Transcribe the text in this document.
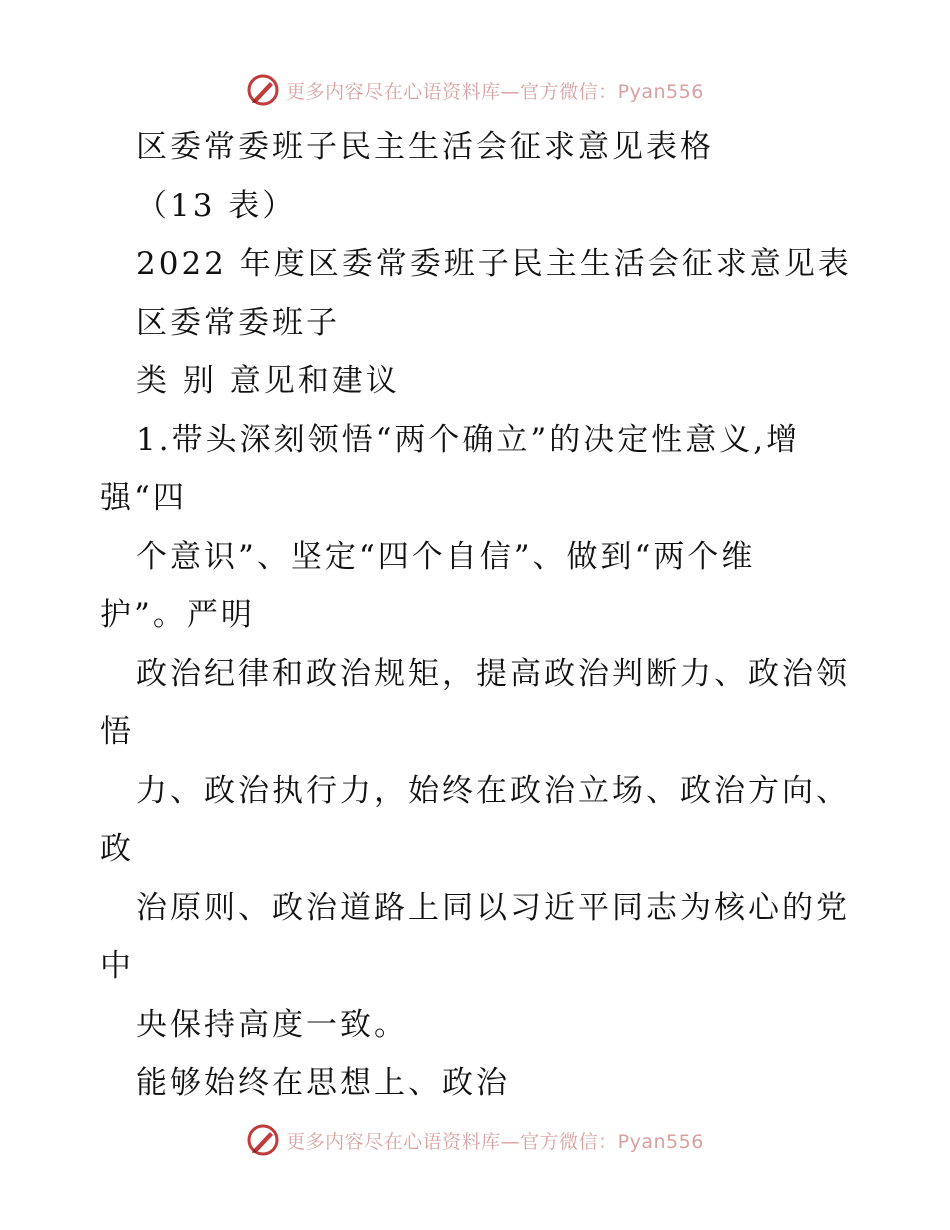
更多内容尽在心语资料库—官方微信：Pyan556
区委常委班子民主生活会征求意见表格
（13 表）
2022 年度区委常委班子民主生活会征求意见表
区委常委班子
类 别 意见和建议
1.带头深刻领悟“两个确立”的决定性意义,增
强“四
个意识”、坚定“四个自信”、做到“两个维
护”。严明
政治纪律和政治规矩，提高政治判断力、政治领
悟
力、政治执行力，始终在政治立场、政治方向、
政
治原则、政治道路上同以习近平同志为核心的党
中
央保持高度一致。
能够始终在思想上、政治
更多内容尽在心语资料库—官方微信：Pyan556
